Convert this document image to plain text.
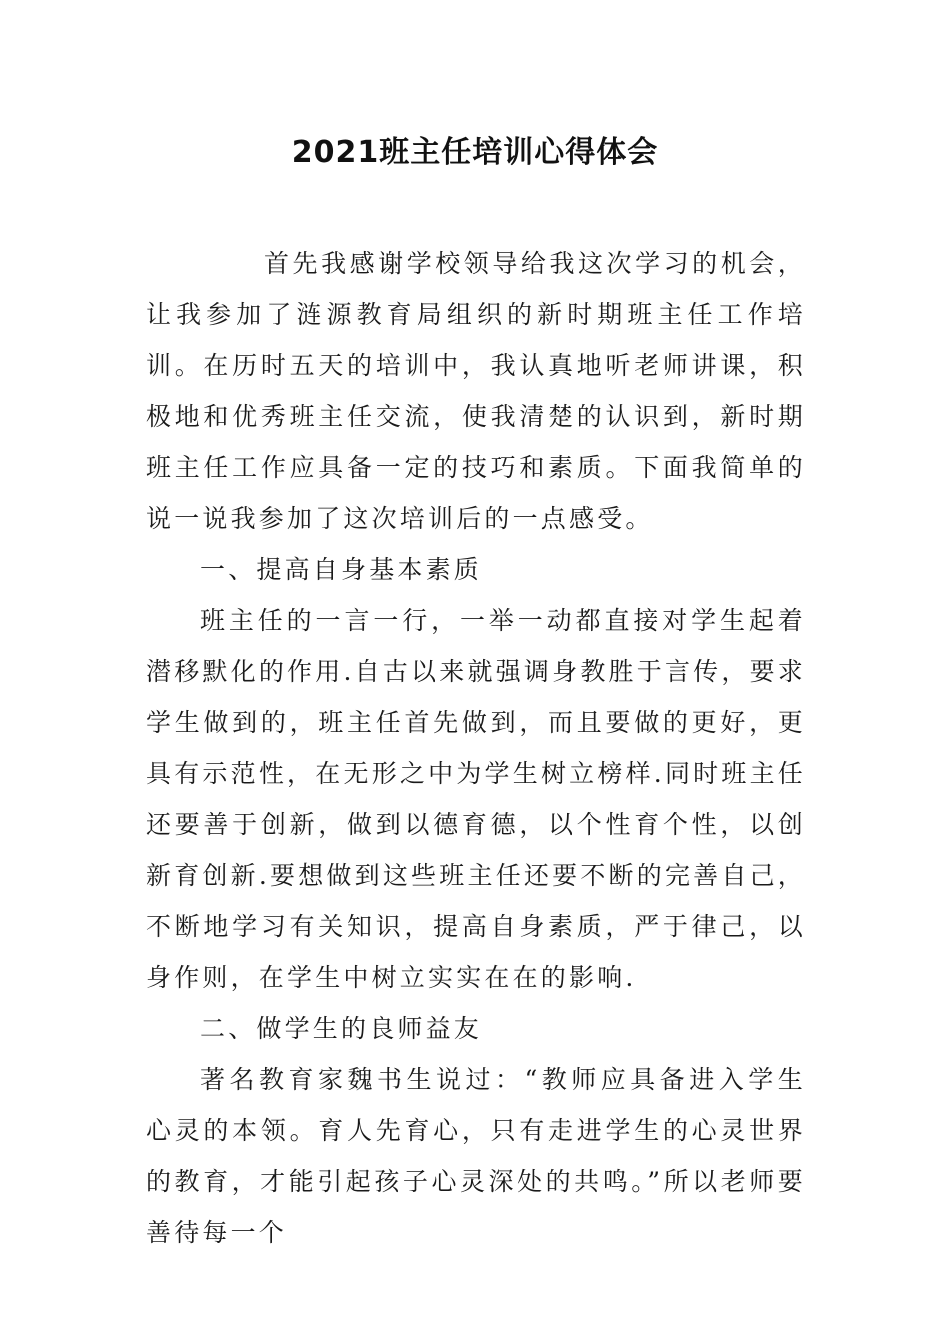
2021班主任培训心得体会

首先我感谢学校领导给我这次学习的机会，让我参加了涟源教育局组织的新时期班主任工作培训。在历时五天的培训中，我认真地听老师讲课，积极地和优秀班主任交流，使我清楚的认识到，新时期班主任工作应具备一定的技巧和素质。下面我简单的说一说我参加了这次培训后的一点感受。

一、提高自身基本素质

班主任的一言一行，一举一动都直接对学生起着潜移默化的作用.自古以来就强调身教胜于言传，要求学生做到的，班主任首先做到，而且要做的更好，更具有示范性，在无形之中为学生树立榜样.同时班主任还要善于创新，做到以德育德，以个性育个性，以创新育创新.要想做到这些班主任还要不断的完善自己，不断地学习有关知识，提高自身素质，严于律己，以身作则，在学生中树立实实在在的影响.

二、做学生的良师益友

著名教育家魏书生说过：“教师应具备进入学生心灵的本领。育人先育心，只有走进学生的心灵世界的教育，才能引起孩子心灵深处的共鸣。”所以老师要善待每一个
